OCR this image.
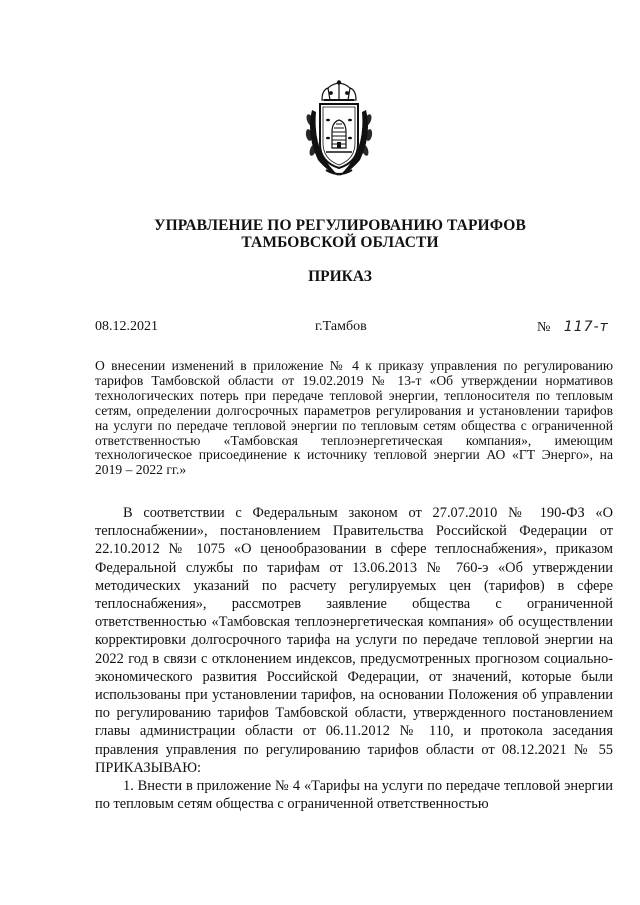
УПРАВЛЕНИЕ ПО РЕГУЛИРОВАНИЮ ТАРИФОВ
ТАМБОВСКОЙ ОБЛАСТИ
ПРИКАЗ
08.12.2021	г.Тамбов	№ 117-т
О внесении изменений в приложение № 4 к приказу управления по регулированию тарифов Тамбовской области от 19.02.2019 № 13-т «Об утверждении нормативов технологических потерь при передаче тепловой энергии, теплоносителя по тепловым сетям, определении долгосрочных параметров регулирования и установлении тарифов на услуги по передаче тепловой энергии по тепловым сетям общества с ограниченной ответственностью «Тамбовская теплоэнергетическая компания», имеющим технологическое присоединение к источнику тепловой энергии АО «ГТ Энерго», на 2019 – 2022 гг.»

В соответствии с Федеральным законом от 27.07.2010 № 190-ФЗ «О теплоснабжении», постановлением Правительства Российской Федерации от 22.10.2012 № 1075 «О ценообразовании в сфере теплоснабжения», приказом Федеральной службы по тарифам от 13.06.2013 № 760-э «Об утверждении методических указаний по расчету регулируемых цен (тарифов) в сфере теплоснабжения», рассмотрев заявление общества с ограниченной ответственностью «Тамбовская теплоэнергетическая компания» об осуществлении корректировки долгосрочного тарифа на услуги по передаче тепловой энергии на 2022 год в связи с отклонением индексов, предусмотренных прогнозом социально-экономического развития Российской Федерации, от значений, которые были использованы при установлении тарифов, на основании Положения об управлении по регулированию тарифов Тамбовской области, утвержденного постановлением главы администрации области от 06.11.2012 № 110, и протокола заседания правления управления по регулированию тарифов области от 08.12.2021 № 55 ПРИКАЗЫВАЮ:

1. Внести в приложение № 4 «Тарифы на услуги по передаче тепловой энергии по тепловым сетям общества с ограниченной ответственностью
